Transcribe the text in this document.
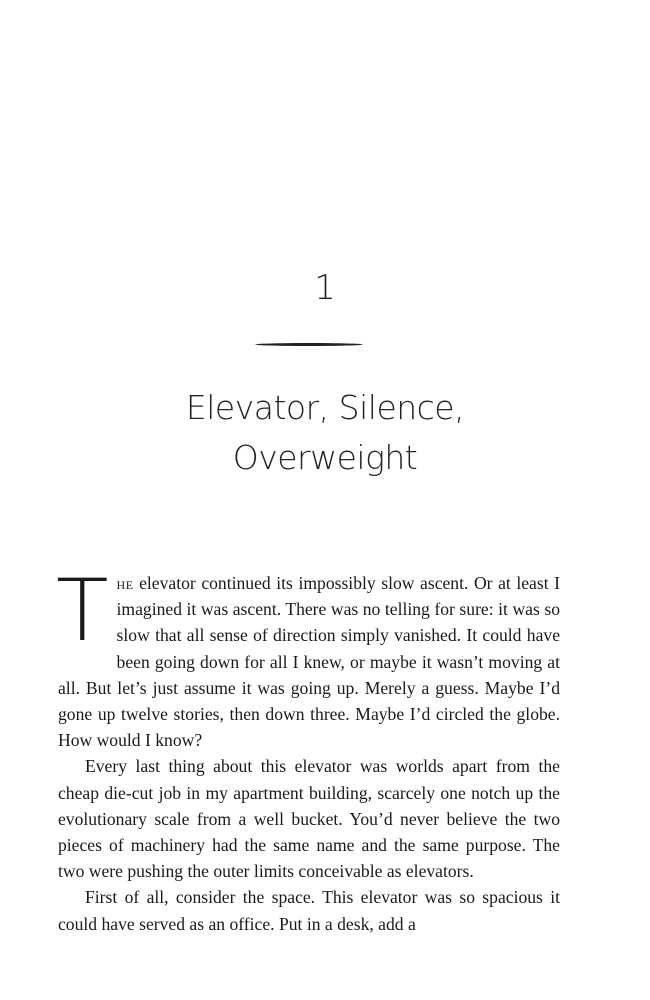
1
Elevator, Silence,
Overweight

The elevator continued its impossibly slow ascent. Or at least I imagined it was ascent. There was no telling for sure: it was so slow that all sense of direction simply vanished. It could have been going down for all I knew, or maybe it wasn’t moving at all. But let’s just assume it was going up. Merely a guess. Maybe I’d gone up twelve stories, then down three. Maybe I’d circled the globe. How would I know?

Every last thing about this elevator was worlds apart from the cheap die-cut job in my apartment building, scarcely one notch up the evolutionary scale from a well bucket. You’d never believe the two pieces of machinery had the same name and the same purpose. The two were pushing the outer limits conceivable as elevators.

First of all, consider the space. This elevator was so spacious it could have served as an office. Put in a desk, add a
